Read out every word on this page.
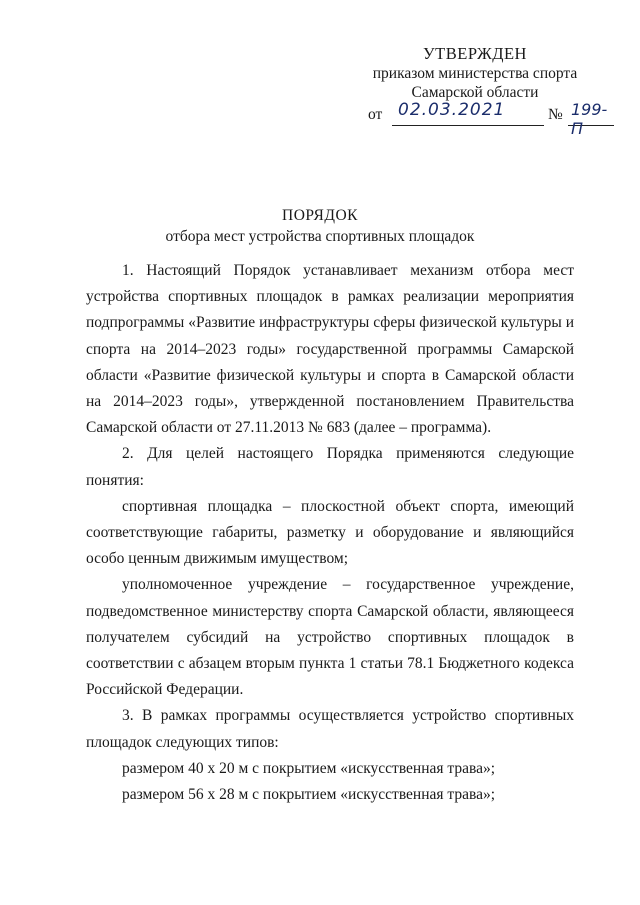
УТВЕРЖДЕН
приказом министерства спорта
Самарской области
от 02.03.2021	№ 199-П
ПОРЯДОК
отбора мест устройства спортивных площадок

1. Настоящий Порядок устанавливает механизм отбора мест устройства спортивных площадок в рамках реализации мероприятия подпрограммы «Развитие инфраструктуры сферы физической культуры и спорта на 2014–2023 годы» государственной программы Самарской области «Развитие физической культуры и спорта в Самарской области на 2014–2023 годы», утвержденной постановлением Правительства Самарской области от 27.11.2013 № 683 (далее – программа).

2. Для целей настоящего Порядка применяются следующие понятия:

спортивная площадка – плоскостной объект спорта, имеющий соответствующие габариты, разметку и оборудование и являющийся особо ценным движимым имуществом;

уполномоченное учреждение – государственное учреждение, подведомственное министерству спорта Самарской области, являющееся получателем субсидий на устройство спортивных площадок в соответствии с абзацем вторым пункта 1 статьи 78.1 Бюджетного кодекса Российской Федерации.

3. В рамках программы осуществляется устройство спортивных площадок следующих типов:

размером 40 х 20 м с покрытием «искусственная трава»;

размером 56 х 28 м с покрытием «искусственная трава»;
